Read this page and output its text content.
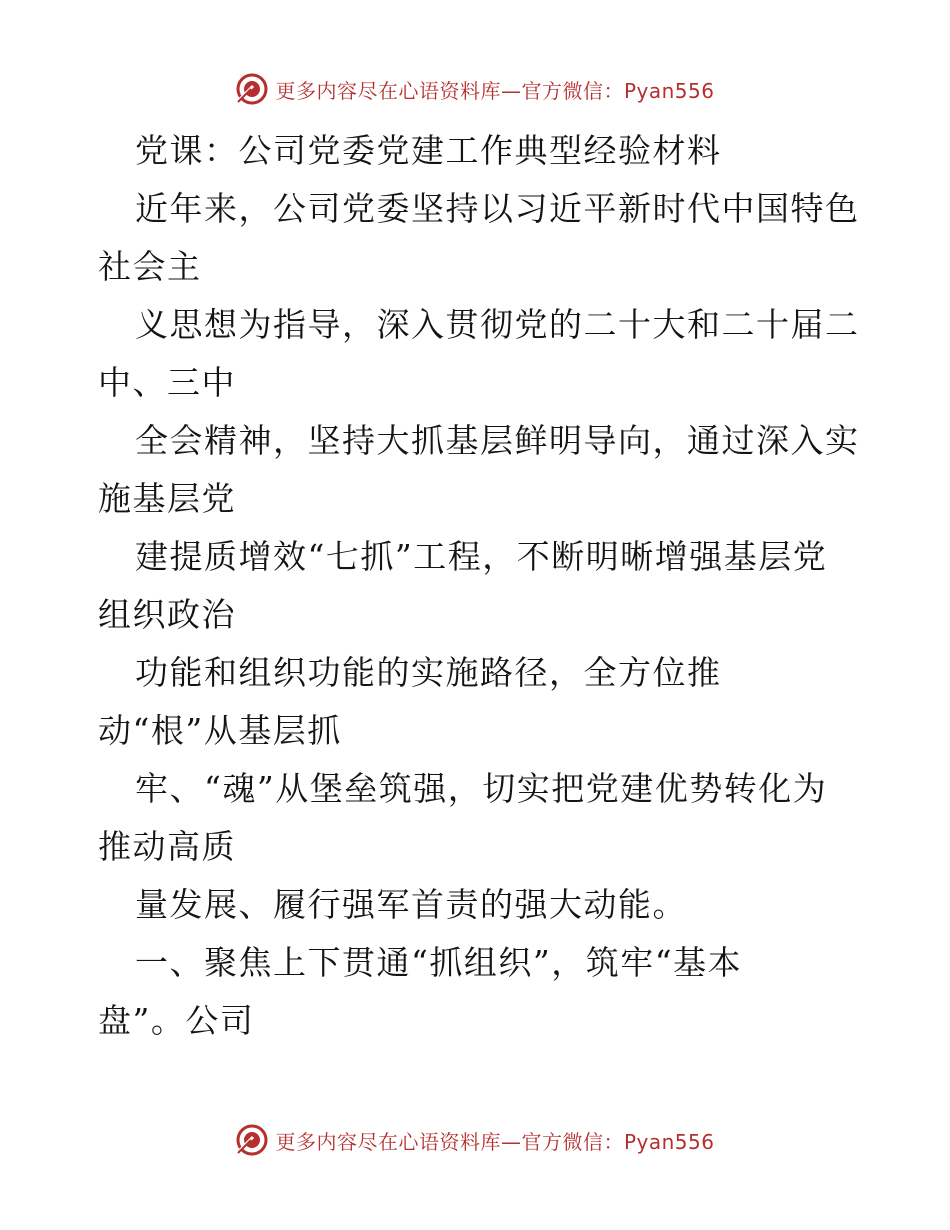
更多内容尽在心语资料库—官方微信：Pyan556
党课：公司党委党建工作典型经验材料
近年来，公司党委坚持以习近平新时代中国特色
社会主
义思想为指导，深入贯彻党的二十大和二十届二
中、三中
全会精神，坚持大抓基层鲜明导向，通过深入实
施基层党
建提质增效“七抓”工程，不断明晰增强基层党
组织政治
功能和组织功能的实施路径，全方位推
动“根”从基层抓
牢、“魂”从堡垒筑强，切实把党建优势转化为
推动高质
量发展、履行强军首责的强大动能。
一、聚焦上下贯通“抓组织”，筑牢“基本
盘”。公司
更多内容尽在心语资料库—官方微信：Pyan556
